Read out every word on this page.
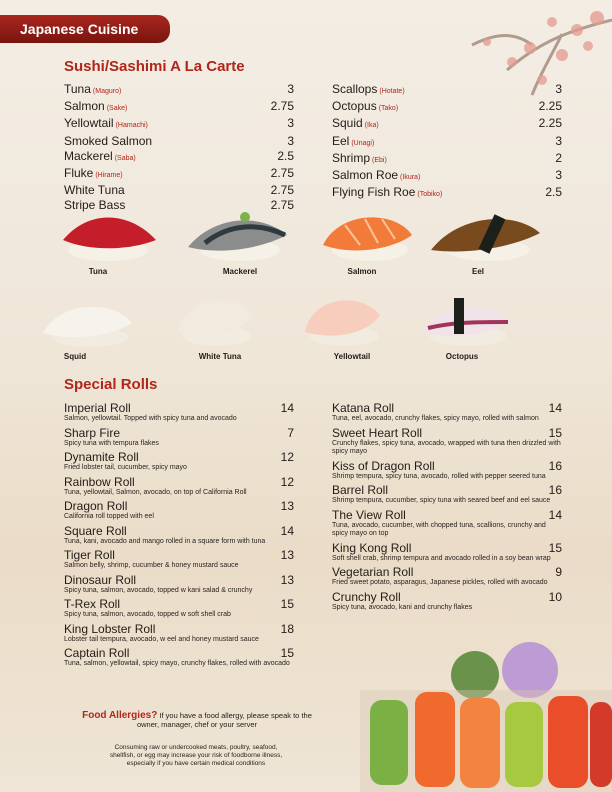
Japanese Cuisine
Sushi/Sashimi A La Carte
Tuna (Maguro)	3
Salmon (Sake)	2.75
Yellowtail (Hamachi)	3
Smoked Salmon	3
Mackerel (Saba)	2.5
Fluke (Hirame)	2.75
White Tuna	2.75
Stripe Bass	2.75
Scallops (Hotate)	3
Octopus (Tako)	2.25
Squid (Ika)	2.25
Eel (Unagi)	3
Shrimp (Ebi)	2
Salmon Roe (Ikura)	3
Flying Fish Roe (Tobiko)	2.5
Tuna	Mackerel	Salmon	Eel
Squid	White Tuna	Yellowtail	Octopus
Special Rolls
Imperial Roll	14
Salmon, yellowtail. Topped with spicy tuna and avocado
Sharp Fire	7
Spicy tuna with tempura flakes
Dynamite Roll	12
Fried lobster tail, cucumber, spicy mayo
Rainbow Roll	12
Tuna, yellowtail, Salmon, avocado, on top of California Roll
Dragon Roll	13
California roll topped with eel
Square Roll	14
Tuna, kani, avocado and mango rolled in a square form with tuna
Tiger Roll	13
Salmon belly, shrimp, cucumber & honey mustard sauce
Dinosaur Roll	13
Spicy tuna, salmon, avocado, topped w kani salad & crunchy
T-Rex Roll	15
Spicy tuna, salmon, avocado, topped w soft shell crab
King Lobster Roll	18
Lobster tail tempura, avocado, w eel and honey mustard sauce
Captain Roll	15
Tuna, salmon, yellowtail, spicy mayo, crunchy flakes, rolled with avocado
Katana Roll	14
Tuna, eel, avocado, crunchy flakes, spicy mayo, rolled with salmon
Sweet Heart Roll	15
Crunchy flakes, spicy tuna, avocado, wrapped with tuna then drizzled with spicy mayo
Kiss of Dragon Roll	16
Shrimp tempura, spicy tuna, avocado, rolled with pepper seered tuna
Barrel Roll	16
Shrimp tempura, cucumber, spicy tuna with seared beef and eel sauce
The View Roll	14
Tuna, avocado, cucumber, with chopped tuna, scallions, crunchy and spicy mayo on top
King Kong Roll	15
Soft shell crab, shrimp tempura and avocado rolled in a soy bean wrap
Vegetarian Roll	9
Fried sweet potato, asparagus, Japanese pickles, rolled with avocado
Crunchy Roll	10
Spicy tuna, avocado, kani and crunchy flakes
Food Allergies? If you have a food allergy, please speak to the owner, manager, chef or your server
Consuming raw or undercooked meats, poultry, seafood, shellfish, or egg may increase your risk of foodborne illness, especially if you have certain medical conditions
